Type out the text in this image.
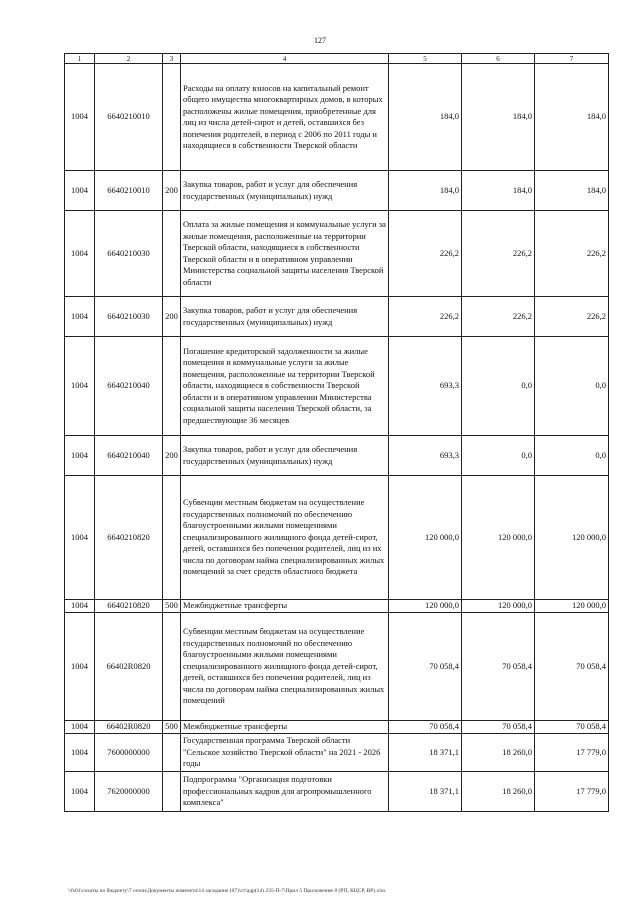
127
1	2	3	4	5	6	7
1004	6640210010		Расходы на оплату взносов на капитальный ремонт общего имущества многоквартирных домов, в которых расположены жилые помещения, приобретенные для лиц из числа детей-сирот и детей, оставшихся без попечения родителей, в период с 2006 по 2011 годы и находящиеся в собственности Тверской области	184,0	184,0	184,0
1004	6640210010	200	Закупка товаров, работ и услуг для обеспечения государственных (муниципальных) нужд	184,0	184,0	184,0
1004	6640210030		Оплата за жилые помещения и коммунальные услуги за жилые помещения, расположенные на территории Тверской области, находящиеся в собственности Тверской области и в оперативном управлении Министерства социальной защиты населения Тверской области	226,2	226,2	226,2
1004	6640210030	200	Закупка товаров, работ и услуг для обеспечения государственных (муниципальных) нужд	226,2	226,2	226,2
1004	6640210040		Погашение кредиторской задолженности за жилые помещения и коммунальные услуги за жилые помещения, расположенные на территории Тверской области, находящиеся в собственности Тверской области и в оперативном управлении Министерства социальной защиты населения Тверской области, за предшествующие 36 месяцев	693,3	0,0	0,0
1004	6640210040	200	Закупка товаров, работ и услуг для обеспечения государственных (муниципальных) нужд	693,3	0,0	0,0
1004	6640210820		Субвенции местным бюджетам на осуществление государственных полномочий по обеспечению благоустроенными жилыми помещениями специализированного жилищного фонда детей-сирот, детей, оставшихся без попечения родителей, лиц из их числа по договорам найма специализированных жилых помещений за счет средств областного бюджета	120 000,0	120 000,0	120 000,0
1004	6640210820	500	Межбюджетные трансферты	120 000,0	120 000,0	120 000,0
1004	66402R0820		Субвенции местным бюджетам на осуществление государственных полномочий по обеспечению благоустроенными жилыми помещениями специализированного жилищного фонда детей-сирот, детей, оставшихся без попечения родителей, лиц из числа по договорам найма специализированных жилых помещений	70 058,4	70 058,4	70 058,4
1004	66402R0820	500	Межбюджетные трансферты	70 058,4	70 058,4	70 058,4
1004	7600000000		Государственная программа Тверской области "Сельское хозяйство Тверской области" на 2021 - 2026 годы	18 371,1	18 260,0	17 779,0
1004	7620000000		Подпрограмма "Организация подготовки профессиональных кадров для агропромышленного комплекса"	18 371,1	18 260,0	17 779,0
\\fs01\сохаты по бюджету\7 сезон\Документы помечета\14 заседание (07)\ст\адр(14) 235-П-7\Прил 5 Приложение 8 (РП, КЦСР, ВР).xlsx
